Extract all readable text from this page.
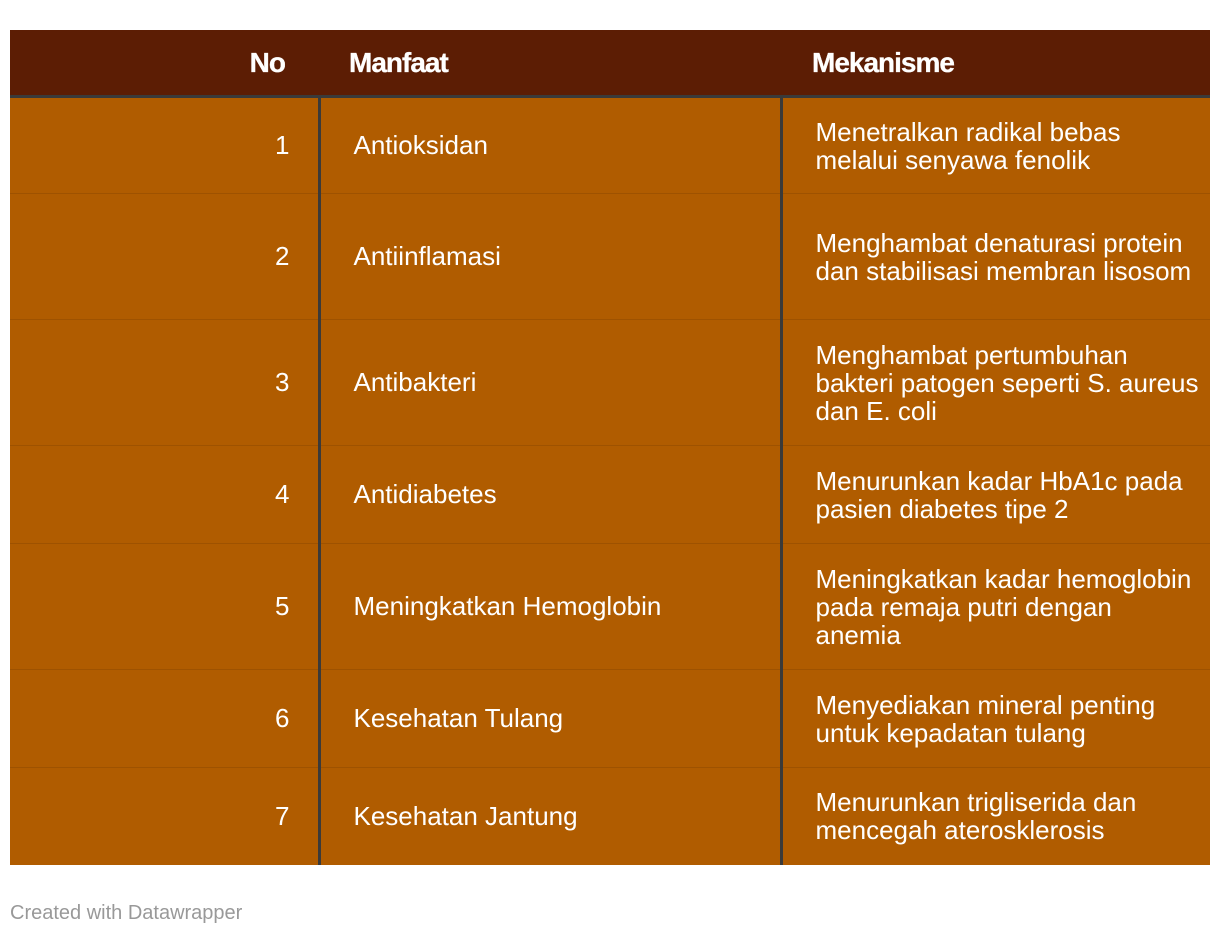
No	Manfaat	Mekanisme
1	Antioksidan	Menetralkan radikal bebas melalui senyawa fenolik
2	Antiinflamasi	Menghambat denaturasi protein dan stabilisasi membran lisosom
3	Antibakteri	Menghambat pertumbuhan bakteri patogen seperti S. aureus dan E. coli
4	Antidiabetes	Menurunkan kadar HbA1c pada pasien diabetes tipe 2
5	Meningkatkan Hemoglobin	Meningkatkan kadar hemoglobin pada remaja putri dengan anemia
6	Kesehatan Tulang	Menyediakan mineral penting untuk kepadatan tulang
7	Kesehatan Jantung	Menurunkan trigliserida dan mencegah aterosklerosis
Created with Datawrapper
